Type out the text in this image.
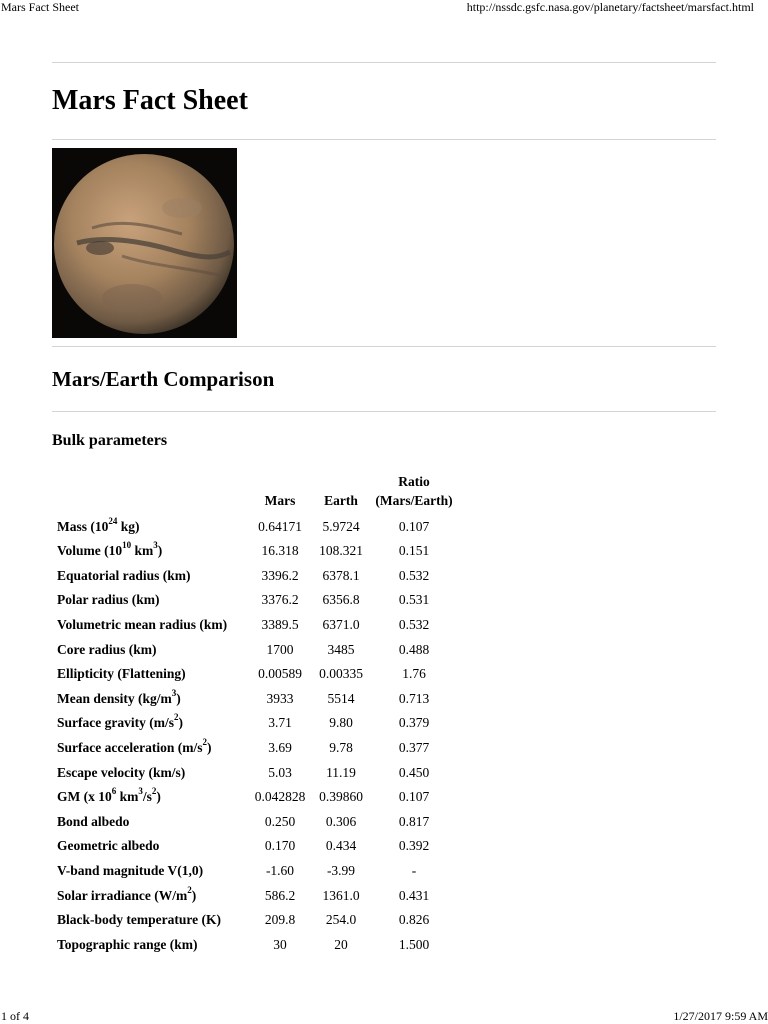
Mars Fact Sheet	http://nssdc.gsfc.nasa.gov/planetary/factsheet/marsfact.html
Mars Fact Sheet
Mars/Earth Comparison
Bulk parameters
	Mars	Earth	Ratio
(Mars/Earth)

Mass ($10^{24}$ kg)	0.64171	5.9724	0.107
Volume ($10^{10}$ $km^3$)	16.318	108.321	0.151
Equatorial radius (km)	3396.2	6378.1	0.532
Polar radius (km)	3376.2	6356.8	0.531
Volumetric mean radius (km)	3389.5	6371.0	0.532
Core radius (km)	1700	3485	0.488
Ellipticity (Flattening)	0.00589	0.00335	1.76
Mean density $(kg/m^3)$	3933	5514	0.713
Surface gravity $(m/s^2)$	3.71	9.80	0.379
Surface acceleration $(m/s^2)$	3.69	9.78	0.377
Escape velocity (km/s)	5.03	11.19	0.450
GM (x $10^6$ $km^3/s^2$)	0.042828	0.39860	0.107
Bond albedo	0.250	0.306	0.817
Geometric albedo	0.170	0.434	0.392
V-band magnitude V(1,0)	-1.60	-3.99	-
Solar irradiance $(W/m^2)$	586.2	1361.0	0.431
Black-body temperature (K)	209.8	254.0	0.826
Topographic range (km)	30	20	1.500
1 of 4	1/27/2017 9:59 AM
